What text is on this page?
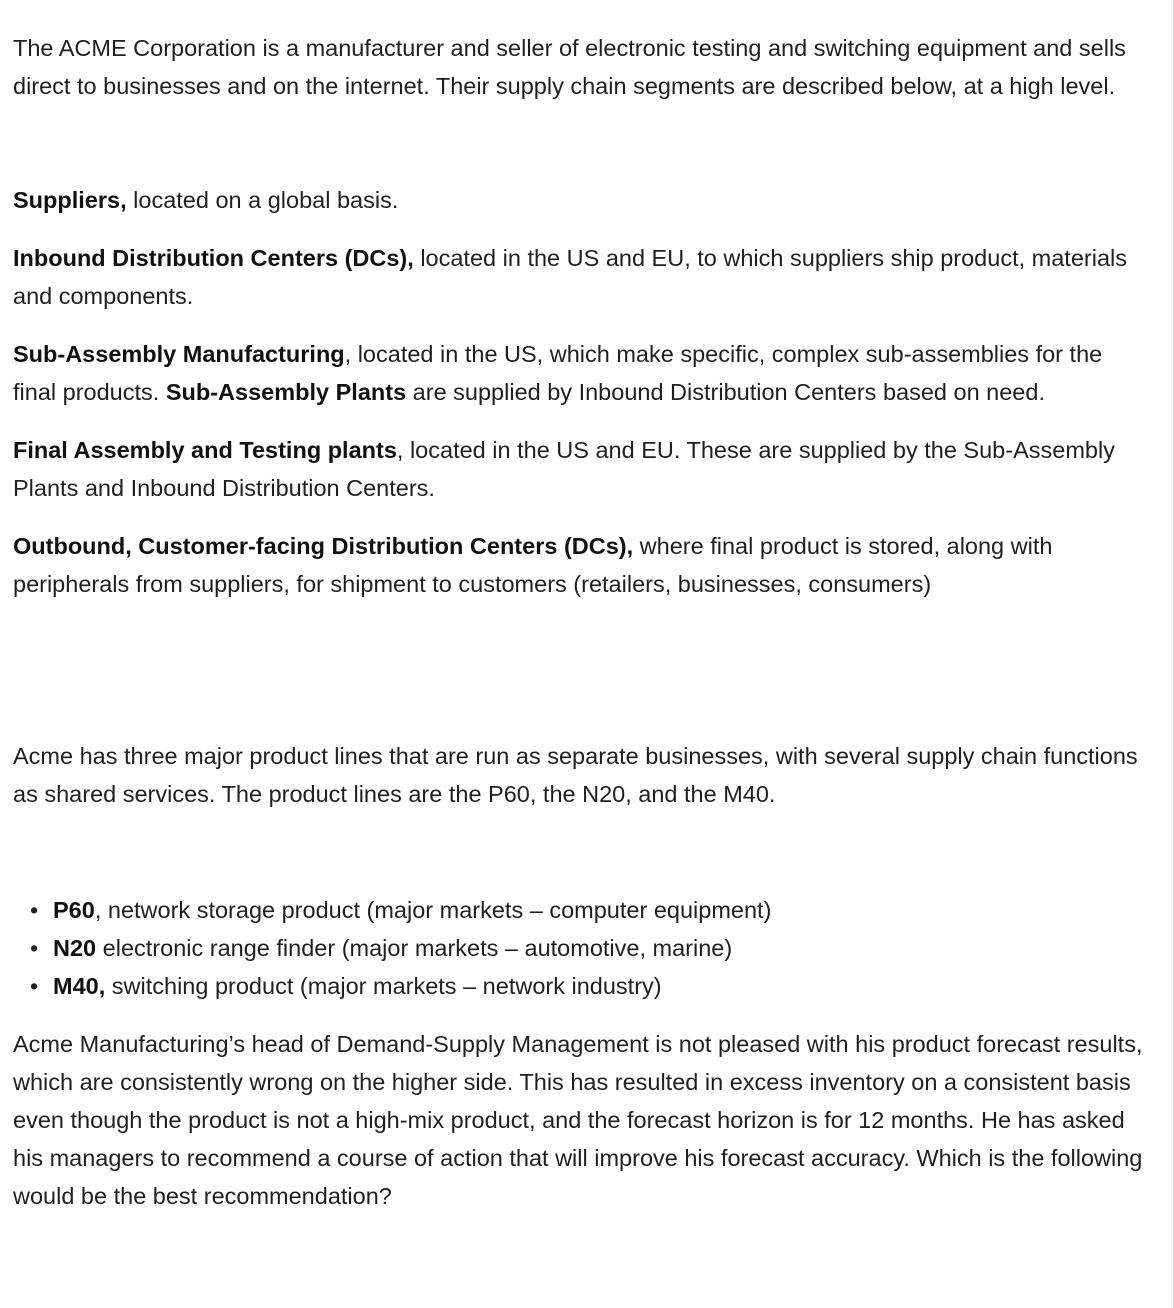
The ACME Corporation is a manufacturer and seller of electronic testing and switching equipment and sells direct to businesses and on the internet. Their supply chain segments are described below, at a high level.

Suppliers, located on a global basis.

Inbound Distribution Centers (DCs), located in the US and EU, to which suppliers ship product, materials and components.

Sub-Assembly Manufacturing, located in the US, which make specific, complex sub-assemblies for the final products. Sub-Assembly Plants are supplied by Inbound Distribution Centers based on need.

Final Assembly and Testing plants, located in the US and EU. These are supplied by the Sub-Assembly Plants and Inbound Distribution Centers.

Outbound, Customer-facing Distribution Centers (DCs), where final product is stored, along with peripherals from suppliers, for shipment to customers (retailers, businesses, consumers)

Acme has three major product lines that are run as separate businesses, with several supply chain functions as shared services. The product lines are the P60, the N20, and the M40.

• P60, network storage product (major markets – computer equipment)
• N20 electronic range finder (major markets – automotive, marine)
• M40, switching product (major markets – network industry)

Acme Manufacturing’s head of Demand-Supply Management is not pleased with his product forecast results, which are consistently wrong on the higher side. This has resulted in excess inventory on a consistent basis even though the product is not a high-mix product, and the forecast horizon is for 12 months. He has asked his managers to recommend a course of action that will improve his forecast accuracy. Which is the following would be the best recommendation?
